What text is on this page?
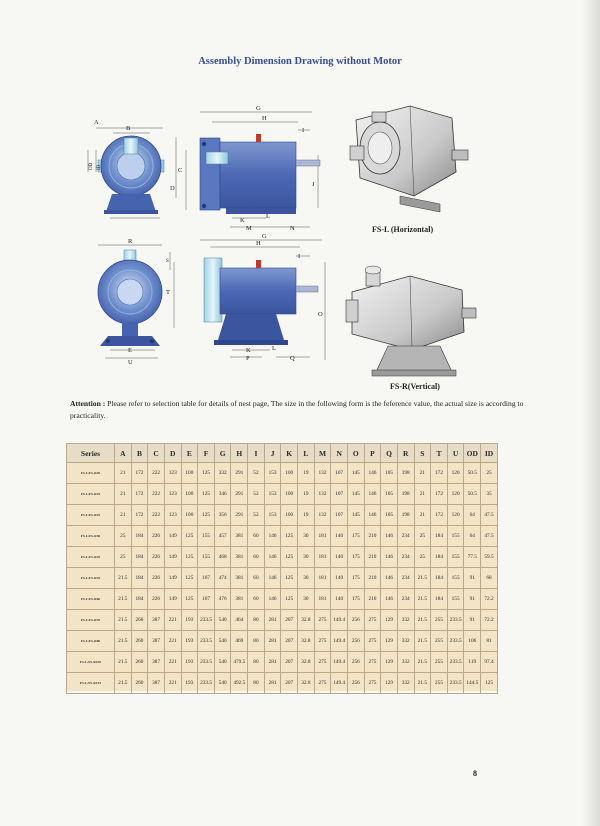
Assembly Dimension Drawing without Motor
A
B
C
D
OD ID
G
H
I
J
K
L
M	N
R
S
T
E
U
G
H
I
O
K	L
P	Q
FS-L (Horizontal)
FS-R(Vertical)
Attention : Please refer to selection table for details of nest page, The size in the following form is the feference value, the actual size is according to practicality.
Series	A	B	C	D	E	F	G	H	I	J	K	L	M	N	O	P	Q	R	S	T	U	OD	ID
FS-L/FS-R20	21	172	222	123	100	125	332	291	52	153	100	19	132	107	145	146	105	198	21	172	120	50.5	25
FS-L/FS-R25	21	172	222	123	100	125	346	291	52	153	100	19	132	107	145	146	105	198	21	172	120	50.5	35
FS-L/FS-R25	21	172	222	123	100	125	356	291	52	153	100	19	132	107	145	146	105	198	21	172	120	64	47.5
FS-L/FS-R30	25	184	226	149	125	155	457	381	60	146	125	30	181	140	175	210	146	234	25	184	155	64	47.5
FS-L/FS-R35	25	184	226	149	125	155	468	381	60	146	125	30	181	140	175	210	146	234	25	184	155	77.5	59.5
FS-L/FS-R35	21.5	184	226	149	125	167	474	381	60	146	125	30	181	140	175	210	146	234	21.5	184	155	91	68
FS-L/FS-R60	21.5	184	226	149	125	167	476	381	60	146	125	30	181	140	175	210	146	234	21.5	184	155	91	72.2
FS-L/FS-R70	21.5	260	387	221	193	233.5	540	464	80	281	207	32.8	275	149.4	256	275	129	332	21.5	255	233.5	91	72.2
FS-L/FS-R80	21.5	260	387	221	193	233.5	540	469	80	281	207	32.8	275	149.4	256	275	129	332	21.5	255	233.5	106	81
FS-L/FS-R100	21.5	260	387	221	193	233.5	540	479.5	80	281	207	32.8	275	149.4	256	275	129	332	21.5	255	233.5	119	97.4
FS-L/FS-R125	21.5	260	387	221	193	233.5	540	492.5	80	281	207	32.8	275	149.4	256	275	129	332	21.5	255	233.5	144.5	125
8
